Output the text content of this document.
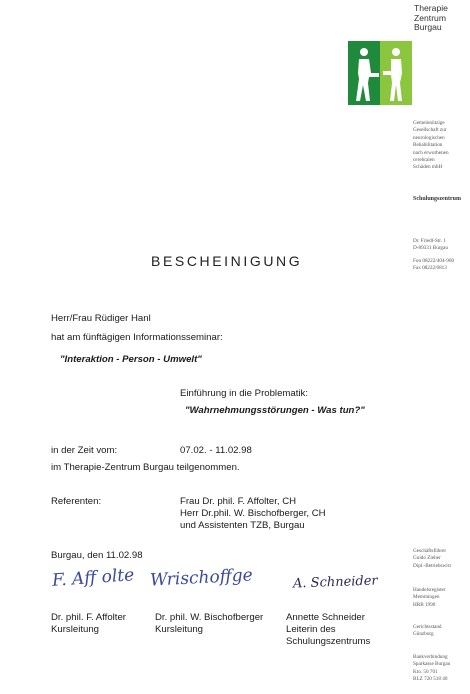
Therapie
Zentrum
Burgau
Gemeinnützige
Gesellschaft zur
neurologischen
Rehabilitation
nach erworbenen
cerebralen
Schäden mbH
Schulungszentrum
Dr. Friedl-Str. 1
D-89331 Burgau
Fon 08222/404-900
Fax 08222/6813
BESCHEINIGUNG
Herr/Frau Rüdiger Hanl
hat am fünftägigen Informationsseminar:
"Interaktion - Person - Umwelt"
Einführung in die Problematik:
"Wahrnehmungsstörungen - Was tun?"
in der Zeit vom:	07.02. - 11.02.98
im Therapie-Zentrum Burgau teilgenommen.
Referenten:	Frau Dr. phil. F. Affolter, CH
Herr Dr.phil. W. Bischofberger, CH
und Assistenten TZB, Burgau
Burgau, den 11.02.98
F. Aff olte Wrischoffge	A. Schneider
Dr. phil. F. Affolter
Kursleitung
Dr. phil. W. Bischofberger
Kursleitung
Annette Schneider
Leiterin des Schulungszentrums
Geschäftsführer
Guido Zieher
Dipl.-Betriebswirt
Handelsregister
Memmingen
HRB 1990
Gerichtsstand
Günzburg
Bankverbindung
Sparkasse Burgau
Kto. 50 701
BLZ 720 518 40
